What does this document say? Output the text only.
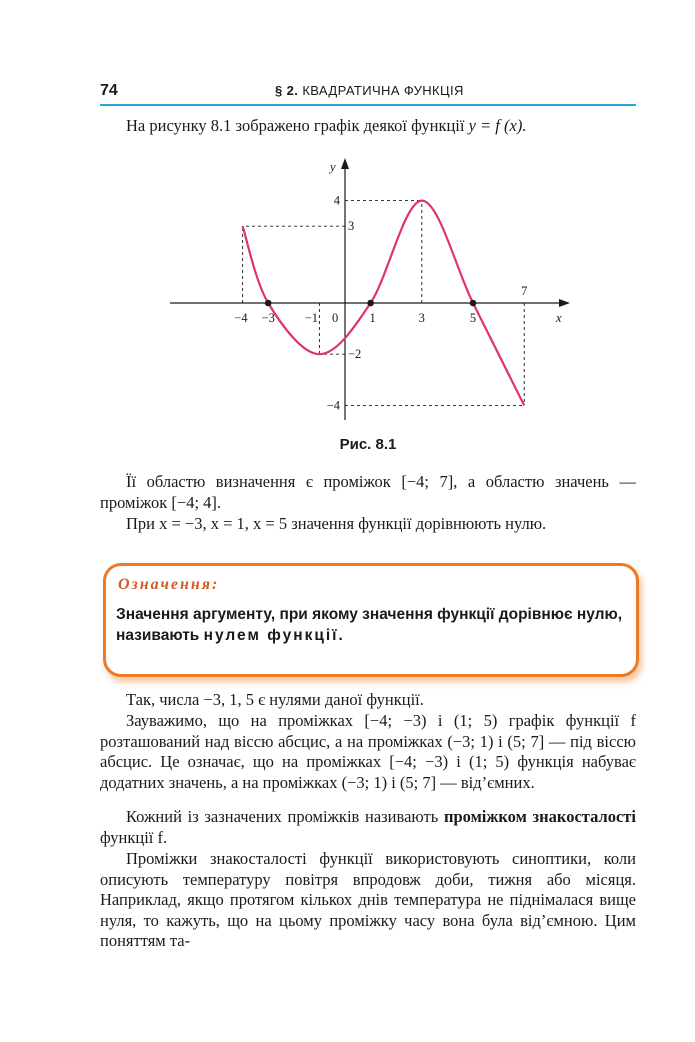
74	§ 2. КВАДРАТИЧНА ФУНКЦІЯ
На рисунку 8.1 зображено графік деякої функції y = f (x).
y
x
0
−4 −3 −1	1	3	5
7
4
3
−2
−4
Рис. 8.1
Її областю визначення є проміжок [−4; 7], а областю значень — проміжок [−4; 4].
При x = −3, x = 1, x = 5 значення функції дорівнюють нулю.
Означення:
Значення аргументу, при якому значення функції дорівнює нулю, називають нулем функції.
Так, числа −3, 1, 5 є нулями даної функції.
Зауважимо, що на проміжках [−4; −3) і (1; 5) графік функції f розташований над віссю абсцис, а на проміжках (−3; 1) і (5; 7] — під віссю абсцис. Це означає, що на проміжках [−4; −3) і (1; 5) функція набуває додатних значень, а на проміжках (−3; 1) і (5; 7] — від’ємних.
Кожний із зазначених проміжків називають проміжком знакосталості функції f.
Проміжки знакосталості функції використовують синоптики, коли описують температуру повітря впродовж доби, тижня або місяця. Наприклад, якщо протягом кількох днів температура не піднімалася вище нуля, то кажуть, що на цьому проміжку часу вона була від’ємною. Цим поняттям та-
